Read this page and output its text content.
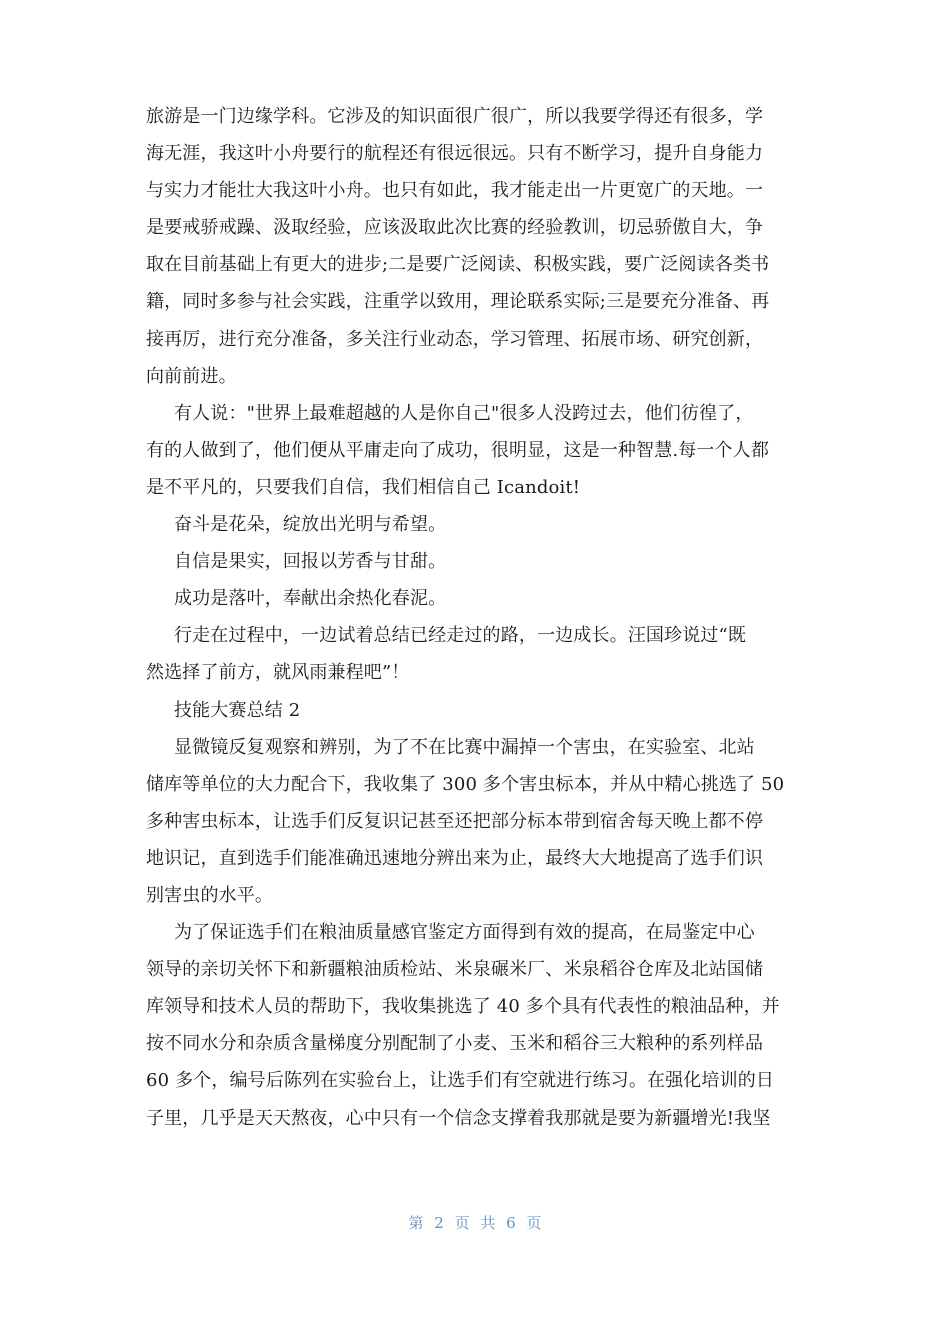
旅游是一门边缘学科。它涉及的知识面很广很广，所以我要学得还有很多，学
海无涯，我这叶小舟要行的航程还有很远很远。只有不断学习，提升自身能力
与实力才能壮大我这叶小舟。也只有如此，我才能走出一片更宽广的天地。一
是要戒骄戒躁、汲取经验，应该汲取此次比赛的经验教训，切忌骄傲自大，争
取在目前基础上有更大的进步;二是要广泛阅读、积极实践，要广泛阅读各类书
籍，同时多参与社会实践，注重学以致用，理论联系实际;三是要充分准备、再
接再厉，进行充分准备，多关注行业动态，学习管理、拓展市场、研究创新，
向前前进。
有人说："世界上最难超越的人是你自己"很多人没跨过去，他们彷徨了，
有的人做到了，他们便从平庸走向了成功，很明显，这是一种智慧.每一个人都
是不平凡的，只要我们自信，我们相信自己 Icandoit!
奋斗是花朵，绽放出光明与希望。
自信是果实，回报以芳香与甘甜。
成功是落叶，奉献出余热化春泥。
行走在过程中，一边试着总结已经走过的路，一边成长。汪国珍说过“既
然选择了前方，就风雨兼程吧”！
技能大赛总结 2
显微镜反复观察和辨别，为了不在比赛中漏掉一个害虫，在实验室、北站
储库等单位的大力配合下，我收集了 300 多个害虫标本，并从中精心挑选了 50
多种害虫标本，让选手们反复识记甚至还把部分标本带到宿舍每天晚上都不停
地识记，直到选手们能准确迅速地分辨出来为止，最终大大地提高了选手们识
别害虫的水平。
为了保证选手们在粮油质量感官鉴定方面得到有效的提高，在局鉴定中心
领导的亲切关怀下和新疆粮油质检站、米泉碾米厂、米泉稻谷仓库及北站国储
库领导和技术人员的帮助下，我收集挑选了 40 多个具有代表性的粮油品种，并
按不同水分和杂质含量梯度分别配制了小麦、玉米和稻谷三大粮种的系列样品
60 多个，编号后陈列在实验台上，让选手们有空就进行练习。在强化培训的日
子里，几乎是天天熬夜，心中只有一个信念支撑着我那就是要为新疆增光!我坚
第 2 页 共 6 页
